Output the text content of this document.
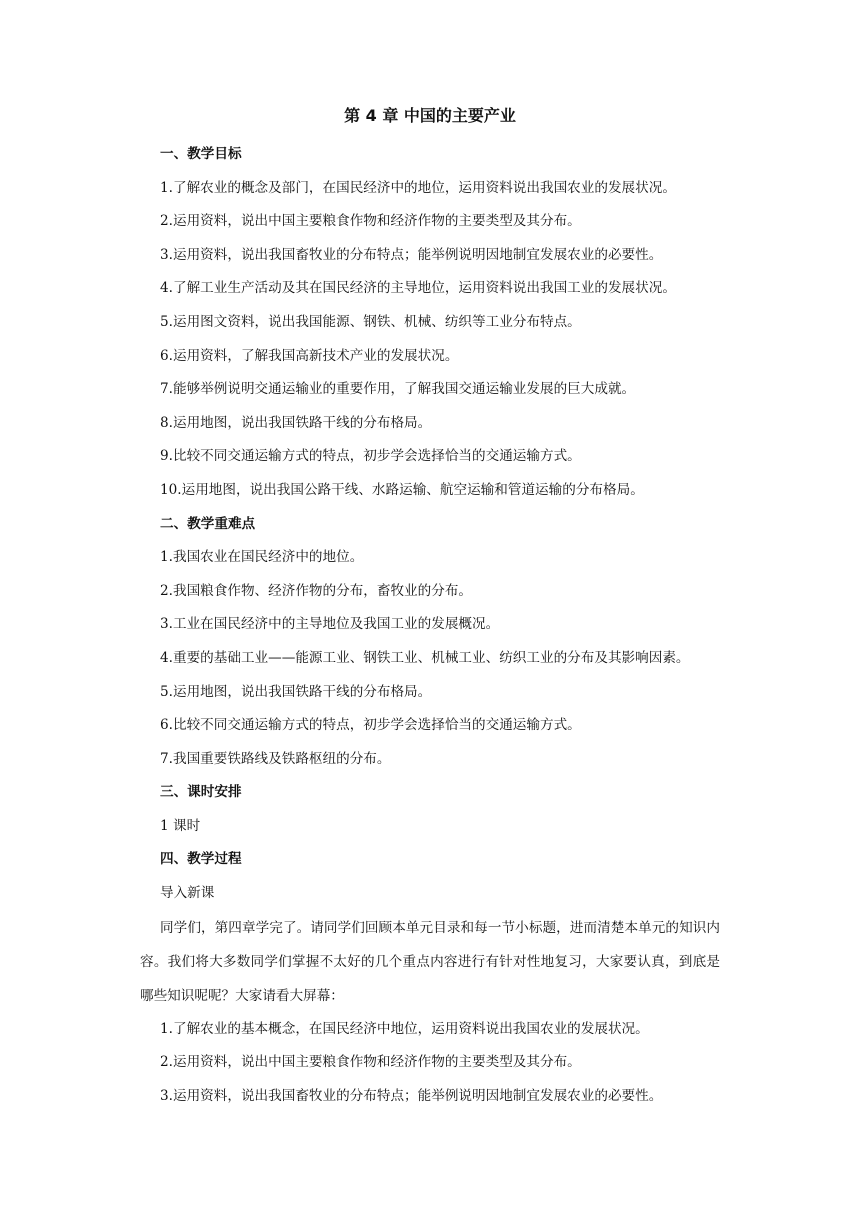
第 4 章 中国的主要产业
一、教学目标
1.了解农业的概念及部门，在国民经济中的地位，运用资料说出我国农业的发展状况。
2.运用资料，说出中国主要粮食作物和经济作物的主要类型及其分布。
3.运用资料，说出我国畜牧业的分布特点；能举例说明因地制宜发展农业的必要性。
4.了解工业生产活动及其在国民经济的主导地位，运用资料说出我国工业的发展状况。
5.运用图文资料，说出我国能源、钢铁、机械、纺织等工业分布特点。
6.运用资料，了解我国高新技术产业的发展状况。
7.能够举例说明交通运输业的重要作用，了解我国交通运输业发展的巨大成就。
8.运用地图，说出我国铁路干线的分布格局。
9.比较不同交通运输方式的特点，初步学会选择恰当的交通运输方式。
10.运用地图，说出我国公路干线、水路运输、航空运输和管道运输的分布格局。
二、教学重难点
1.我国农业在国民经济中的地位。
2.我国粮食作物、经济作物的分布，畜牧业的分布。
3.工业在国民经济中的主导地位及我国工业的发展概况。
4.重要的基础工业——能源工业、钢铁工业、机械工业、纺织工业的分布及其影响因素。
5.运用地图，说出我国铁路干线的分布格局。
6.比较不同交通运输方式的特点，初步学会选择恰当的交通运输方式。
7.我国重要铁路线及铁路枢纽的分布。
三、课时安排
1 课时
四、教学过程
导入新课
同学们，第四章学完了。请同学们回顾本单元目录和每一节小标题，进而清楚本单元的知识内容。我们将大多数同学们掌握不太好的几个重点内容进行有针对性地复习，大家要认真，到底是哪些知识呢呢？大家请看大屏幕：
1.了解农业的基本概念，在国民经济中地位，运用资料说出我国农业的发展状况。
2.运用资料，说出中国主要粮食作物和经济作物的主要类型及其分布。
3.运用资料，说出我国畜牧业的分布特点；能举例说明因地制宜发展农业的必要性。
